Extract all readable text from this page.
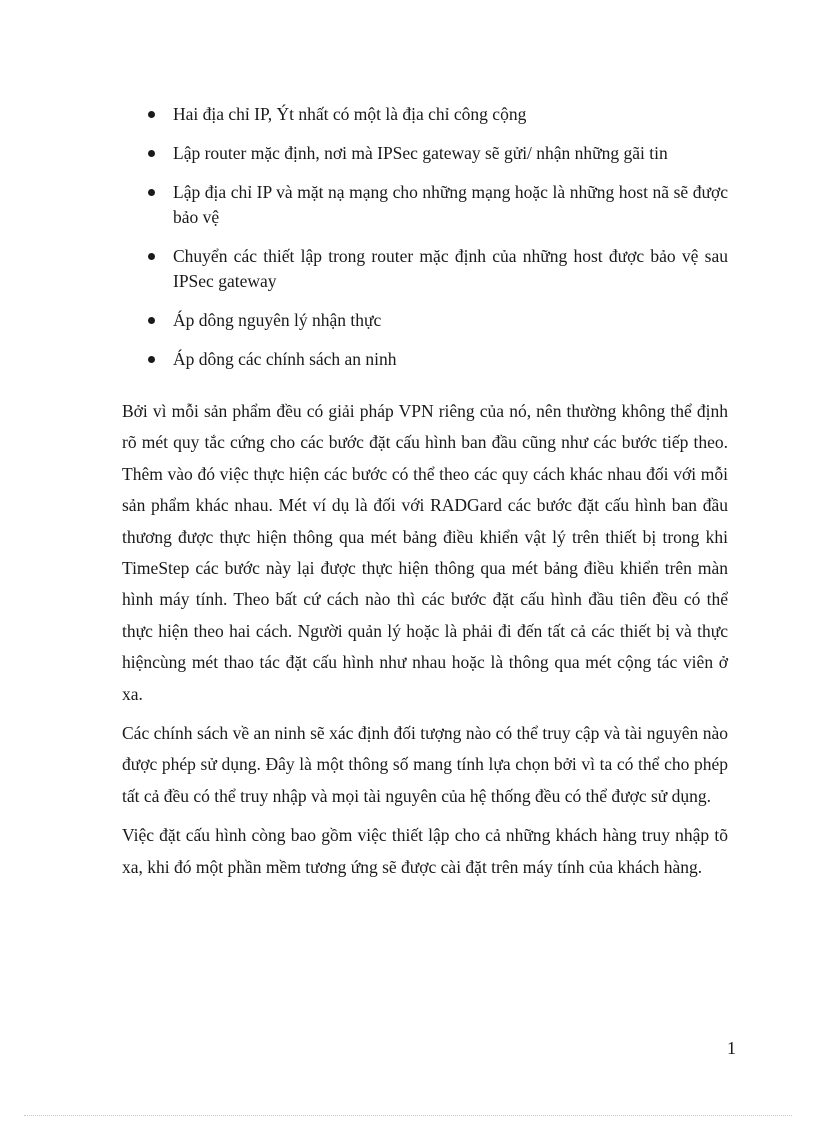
Hai địa chỉ IP, Ýt nhất có một là địa chỉ công cộng
Lập router mặc định, nơi mà IPSec gateway sẽ gửi/ nhận những gãi tin
Lập địa chỉ IP và mặt nạ mạng cho những mạng hoặc là những host nã sẽ được bảo vệ
Chuyển các thiết lập trong router mặc định của những host được bảo vệ sau IPSec gateway
Áp dông nguyên lý nhận thực
Áp dông các chính sách an ninh

Bởi vì mỗi sản phẩm đều có giải pháp VPN riêng của nó, nên thường không thể định rõ mét quy tắc cứng cho các bước đặt cấu hình ban đầu cũng như các bước tiếp theo. Thêm vào đó việc thực hiện các bước có thể theo các quy cách khác nhau đối với mỗi sản phẩm khác nhau. Mét ví dụ là đối với RADGard các bước đặt cấu hình ban đầu thương được thực hiện thông qua mét bảng điều khiển vật lý trên thiết bị trong khi TimeStep các bước này lại được thực hiện thông qua mét bảng điều khiển trên màn hình máy tính. Theo bất cứ cách nào thì các bước đặt cấu hình đầu tiên đều có thể thực hiện theo hai cách. Người quản lý hoặc là phải đi đến tất cả các thiết bị và thực hiệncùng mét thao tác đặt cấu hình như nhau hoặc là thông qua mét cộng tác viên ở xa.

Các chính sách về an ninh sẽ xác định đối tượng nào có thể truy cập và tài nguyên nào được phép sử dụng. Đây là một thông số mang tính lựa chọn bởi vì ta có thể cho phép tất cả đều có thể truy nhập và mọi tài nguyên của hệ thống đều có thể được sử dụng.

Việc đặt cấu hình còng bao gồm việc thiết lập cho cả những khách hàng truy nhập tõ xa, khi đó một phần mềm tương ứng sẽ được cài đặt trên máy tính của khách hàng.

1
